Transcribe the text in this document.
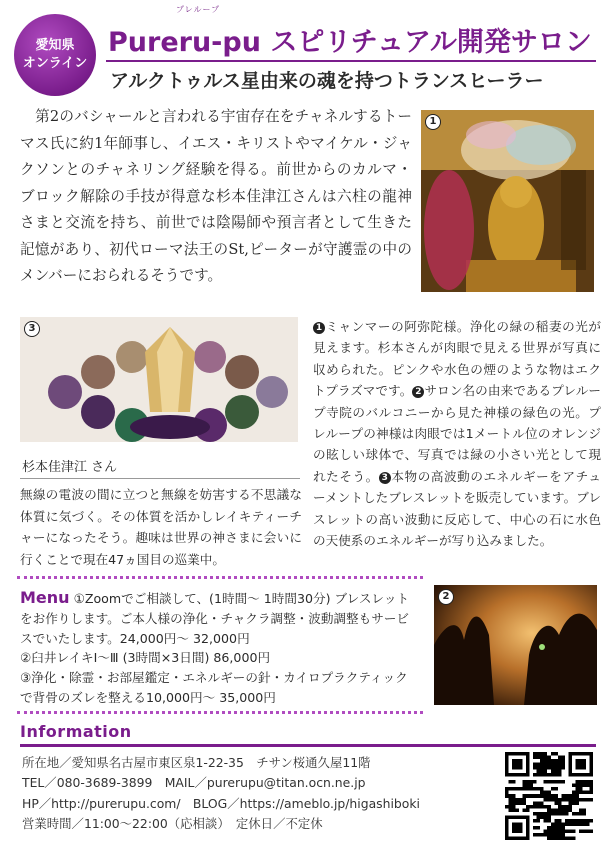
愛知県
オンライン
プレループ
Pureru-pu スピリチュアル開発サロン
アルクトゥルス星由来の魂を持つトランスヒーラー
第2のバシャールと言われる宇宙存在をチャネルするトーマス氏に約1年師事し、イエス・キリストやマイケル・ジャクソンとのチャネリング経験を得る。前世からのカルマ・ブロック解除の手技が得意な杉本佳津江さんは六柱の龍神さまと交流を持ち、前世では陰陽師や預言者として生きた記憶があり、初代ローマ法王のSt,ピーターが守護霊の中のメンバーにおられるそうです。
1
3
杉本佳津江 さん
無線の電波の間に立つと無線を妨害する不思議な体質に気づく。その体質を活かしレイキティーチャーになったそう。趣味は世界の神さまに会いに行くことで現在47ヵ国目の巡業中。
1 ミャンマーの阿弥陀様。浄化の緑の稲妻の光が見えます。杉本さんが肉眼で見える世界が写真に収められた。ピンクや水色の煙のような物はエクトプラズマです。 2 サロン名の由来であるプレループ寺院のバルコニーから見た神様の緑色の光。プレループの神様は肉眼では1メートル位のオレンジの眩しい球体で、写真では緑の小さい光として現れたそう。 3 本物の高波動のエネルギーをアチューメントしたブレスレットを販売しています。ブレスレットの高い波動に反応して、中心の石に水色の天使系のエネルギーが写り込みました。
Menu ①Zoomでご相談して、(1時間〜 1時間30分) ブレスレットをお作りします。ご本人様の浄化・チャクラ調整・波動調整もサービスでいたします。24,000円〜 32,000円
②臼井レイキⅠ〜Ⅲ (3時間×3日間) 86,000円
③浄化・除霊・お部屋鑑定・エネルギーの針・カイロプラクティックで背骨のズレを整える10,000円〜 35,000円
2
Information
所在地／愛知県名古屋市東区泉1-22-35　チサン桜通久屋11階
TEL／080-3689-3899　MAIL／purerupu@titan.ocn.ne.jp
HP／http://purerupu.com/　BLOG／https://ameblo.jp/higashiboki
営業時間／11:00〜22:00（応相談）　定休日／不定休
